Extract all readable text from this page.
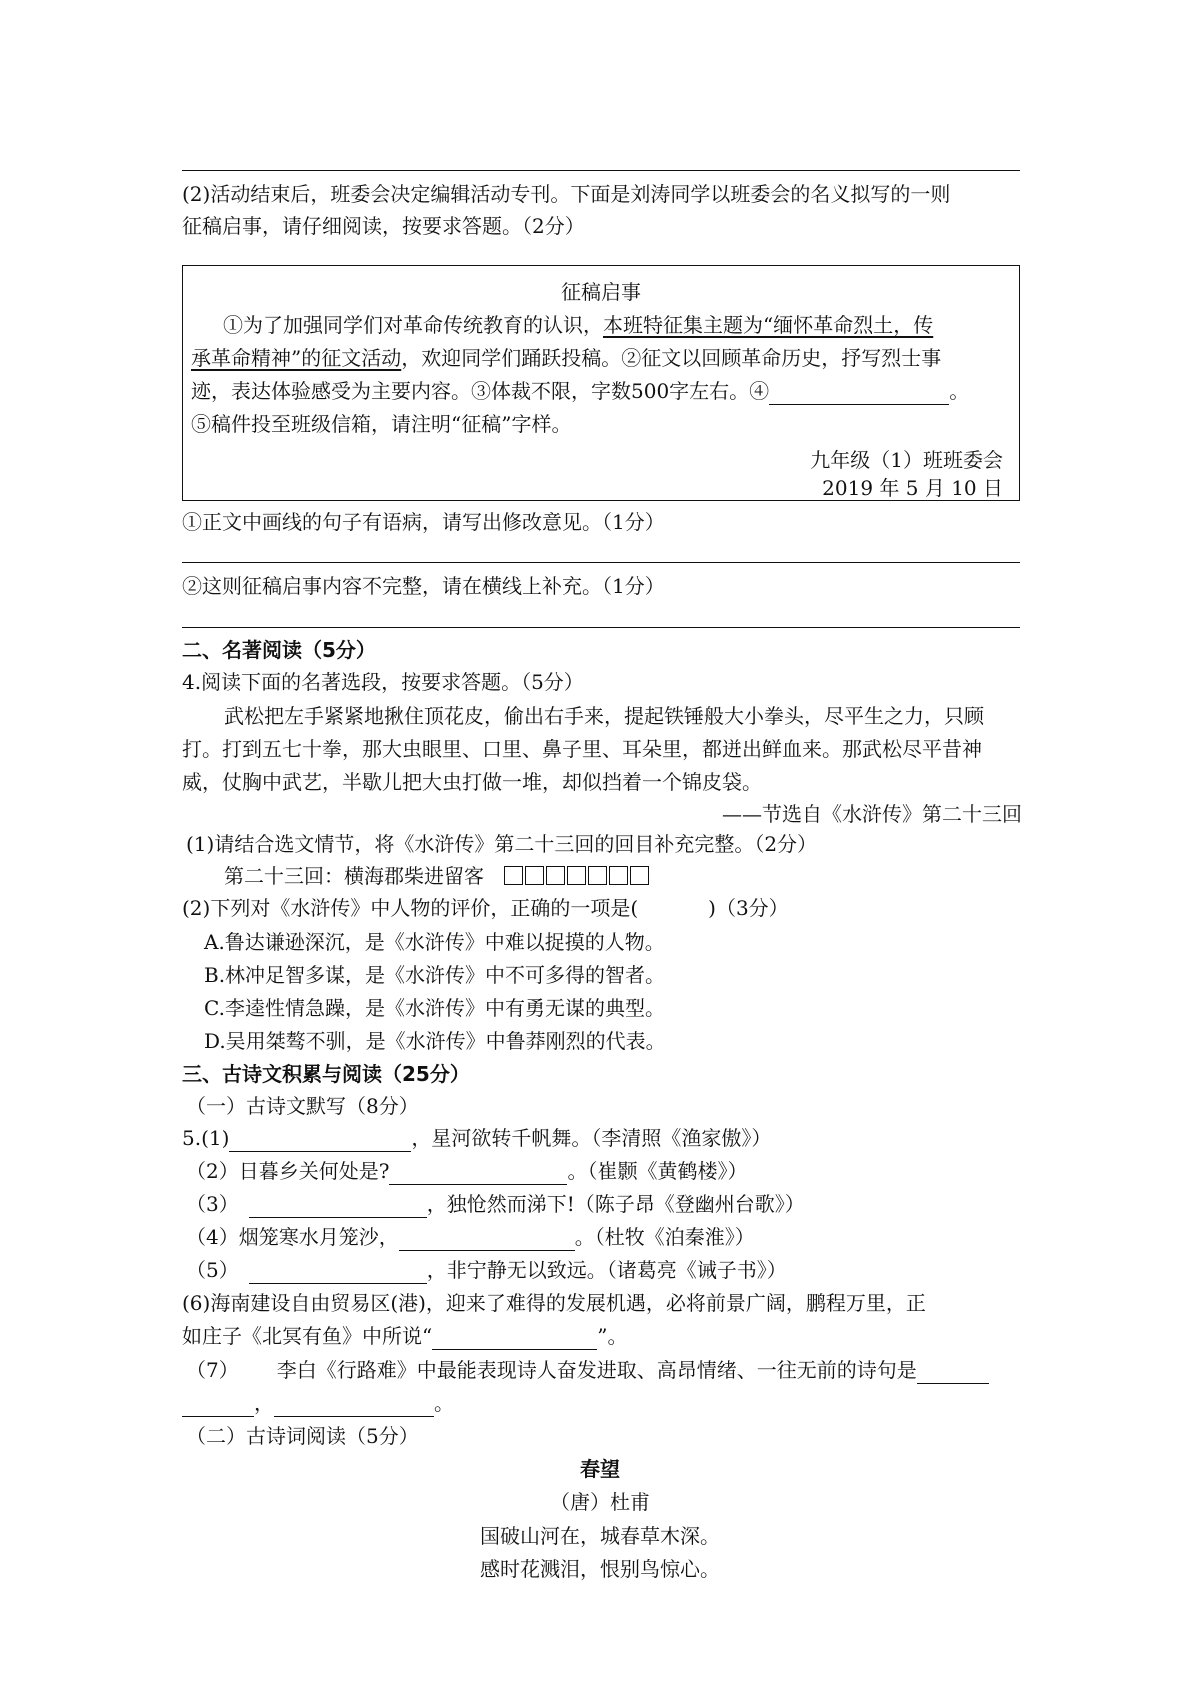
(2)活动结束后，班委会决定编辑活动专刊。下面是刘涛同学以班委会的名义拟写的一则
征稿启事，请仔细阅读，按要求答题。（2分）
征稿启事
①为了加强同学们对革命传统教育的认识，本班特征集主题为“缅怀革命烈土，传
承革命精神”的征文活动，欢迎同学们踊跃投稿。②征文以回顾革命历史，抒写烈士事
迹，表达体验感受为主要内容。③体裁不限，字数500字左右。④	。
⑤稿件投至班级信箱，请注明“征稿”字样。
九年级（1）班班委会
2019 年 5 月 10 日
①正文中画线的句子有语病，请写出修改意见。（1分）
②这则征稿启事内容不完整，请在横线上补充。（1分）
二、名著阅读（5分）
4.阅读下面的名著选段，按要求答题。（5分）
武松把左手紧紧地揪住顶花皮，偷出右手来，提起铁锤般大小拳头，尽平生之力，只顾
打。打到五七十拳，那大虫眼里、口里、鼻子里、耳朵里，都迸出鲜血来。那武松尽平昔神
威，仗胸中武艺，半歇儿把大虫打做一堆，却似挡着一个锦皮袋。
——节选自《水浒传》第二十三回
(1)请结合选文情节，将《水浒传》第二十三回的回目补充完整。（2分）
第二十三回：横海郡柴进留客
(2)下列对《水浒传》中人物的评价，正确的一项是(	)（3分）
A.鲁达谦逊深沉，是《水浒传》中难以捉摸的人物。
B.林冲足智多谋，是《水浒传》中不可多得的智者。
C.李逵性情急躁，是《水浒传》中有勇无谋的典型。
D.吴用桀骜不驯，是《水浒传》中鲁莽刚烈的代表。
三、古诗文积累与阅读（25分）
（一）古诗文默写（8分）
5.(1)	，星河欲转千帆舞。（李清照《渔家傲》）
（2）日暮乡关何处是?	。（崔颢《黄鹤楼》）
（3）	，独怆然而涕下!（陈子昂《登幽州台歌》）
（4）烟笼寒水月笼沙，	。（杜牧《泊秦淮》）
（5）	，非宁静无以致远。（诸葛亮《诫子书》）
(6)海南建设自由贸易区(港)，迎来了难得的发展机遇，必将前景广阔，鹏程万里，正
如庄子《北冥有鱼》中所说“	”。
（7） 李白《行路难》中最能表现诗人奋发进取、高昂情绪、一往无前的诗句是
，	。
（二）古诗词阅读（5分）
春望
（唐）杜甫
国破山河在，城春草木深。
感时花溅泪，恨别鸟惊心。
